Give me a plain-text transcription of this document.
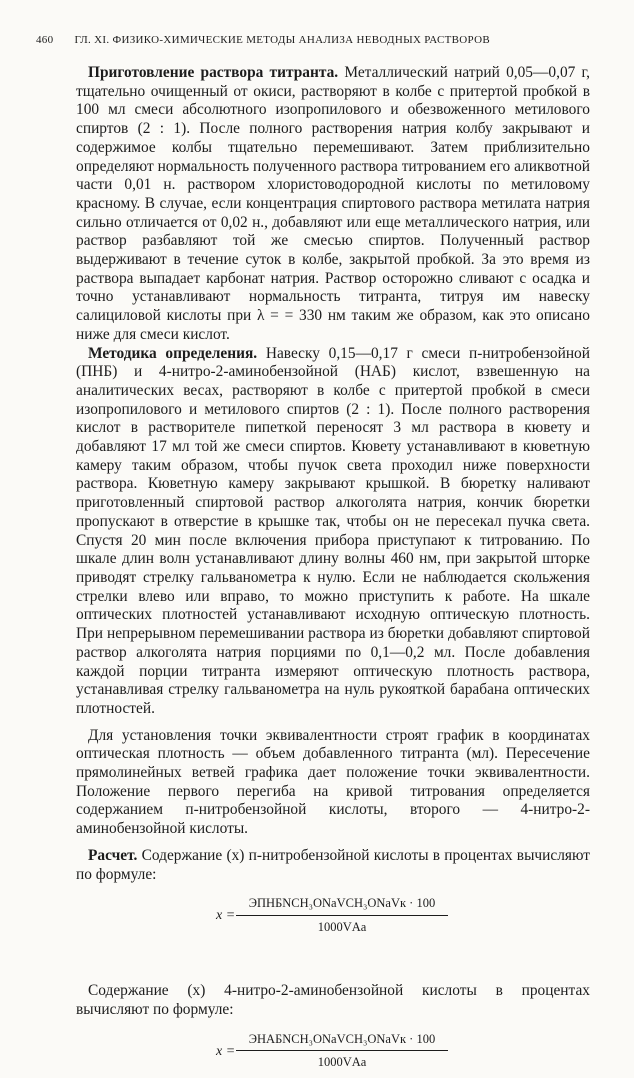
460 ГЛ. XI. ФИЗИКО-ХИМИЧЕСКИЕ МЕТОДЫ АНАЛИЗА НЕВОДНЫХ РАСТВОРОВ

Приготовление раствора титранта. Металлический натрий 0,05—0,07 г, тщательно очищенный от окиси, растворяют в колбе с притертой пробкой в 100 мл смеси абсолютного изопропилового и обезвоженного метилового спиртов (2 : 1). После полного растворения натрия колбу закрывают и содержимое колбы тщательно перемешивают. Затем приблизительно определяют нормальность полученного раствора титрованием его аликвотной части 0,01 н. раствором хлористоводородной кислоты по метиловому красному. В случае, если концентрация спиртового раствора метилата натрия сильно отличается от 0,02 н., добавляют или еще металлического натрия, или раствор разбавляют той же смесью спиртов. Полученный раствор выдерживают в течение суток в колбе, закрытой пробкой. За это время из раствора выпадает карбонат натрия. Раствор осторожно сливают с осадка и точно устанавливают нормальность титранта, титруя им навеску салициловой кислоты при λ = = 330 нм таким же образом, как это описано ниже для смеси кислот.

Методика определения. Навеску 0,15—0,17 г смеси п-нитробензойной (ПНБ) и 4-нитро-2-аминобензойной (НАБ) кислот, взвешенную на аналитических весах, растворяют в колбе с притертой пробкой в смеси изопропилового и метилового спиртов (2 : 1). После полного растворения кислот в растворителе пипеткой переносят 3 мл раствора в кювету и добавляют 17 мл той же смеси спиртов. Кювету устанавливают в кюветную камеру таким образом, чтобы пучок света проходил ниже поверхности раствора. Кюветную камеру закрывают крышкой. В бюретку наливают приготовленный спиртовой раствор алкоголята натрия, кончик бюретки пропускают в отверстие в крышке так, чтобы он не пересекал пучка света. Спустя 20 мин после включения прибора приступают к титрованию. По шкале длин волн устанавливают длину волны 460 нм, при закрытой шторке приводят стрелку гальванометра к нулю. Если не наблюдается скольжения стрелки влево или вправо, то можно приступить к работе. На шкале оптических плотностей устанавливают исходную оптическую плотность. При непрерывном перемешивании раствора из бюретки добавляют спиртовой раствор алкоголята натрия порциями по 0,1—0,2 мл. После добавления каждой порции титранта измеряют оптическую плотность раствора, устанавливая стрелку гальванометра на нуль рукояткой барабана оптических плотностей.

Для установления точки эквивалентности строят график в координатах оптическая плотность — объем добавленного титранта (мл). Пересечение прямолинейных ветвей графика дает положение точки эквивалентности. Положение первого перегиба на кривой титрования определяется содержанием п-нитробензойной кислоты, второго — 4-нитро-2-аминобензойной кислоты.

Расчет. Содержание (x) п-нитробензойной кислоты в процентах вычисляют по формуле:

x =
ЭПНБNCH₃ONaVCH₃ONaVк · 100
1000VАa

Содержание (x) 4-нитро-2-аминобензойной кислоты в процентах вычисляют по формуле:

x =
ЭНАБNCH₃ONaVCH₃ONaVк · 100
1000VАa
